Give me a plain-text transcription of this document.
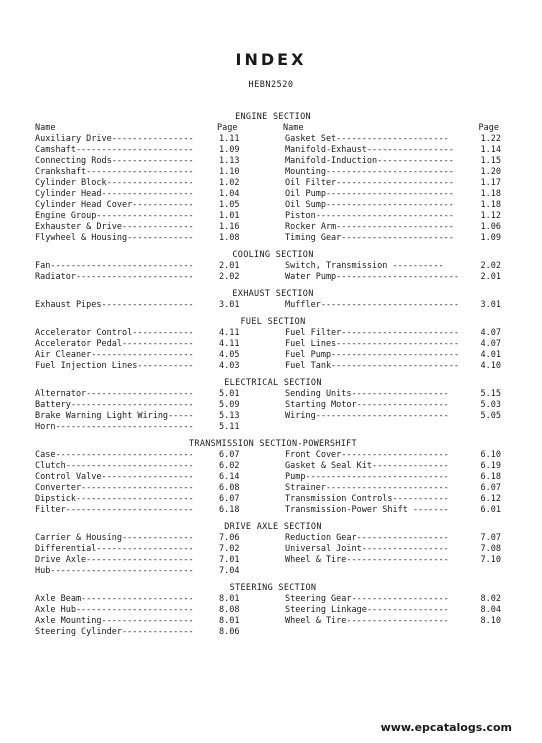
INDEX
HEBN2520
ENGINE SECTION
Name	Page	Name	Page
Auxiliary Drive----------------	1.11	Gasket Set----------------------	1.22
Camshaft-----------------------	1.09	Manifold-Exhaust-----------------	1.14
Connecting Rods----------------	1.13	Manifold-Induction---------------	1.15
Crankshaft---------------------	1.10	Mounting-------------------------	1.20
Cylinder Block-----------------	1.02	Oil Filter-----------------------	1.17
Cylinder Head------------------	1.04	Oil Pump-------------------------	1.18
Cylinder Head Cover------------	1.05	Oil Sump-------------------------	1.18
Engine Group-------------------	1.01	Piston---------------------------	1.12
Exhauster & Drive--------------	1.16	Rocker Arm-----------------------	1.06
Flywheel & Housing-------------	1.08	Timing Gear----------------------	1.09
COOLING SECTION
Fan----------------------------	2.01	Switch, Transmission ----------	2.02
Radiator-----------------------	2.02	Water Pump------------------------	2.01
EXHAUST SECTION
Exhaust Pipes------------------	3.01	Muffler---------------------------	3.01
FUEL SECTION
Accelerator Control------------	4.11	Fuel Filter-----------------------	4.07
Accelerator Pedal--------------	4.11	Fuel Lines------------------------	4.07
Air Cleaner--------------------	4.05	Fuel Pump-------------------------	4.01
Fuel Injection Lines-----------	4.03	Fuel Tank-------------------------	4.10
ELECTRICAL SECTION
Alternator---------------------	5.01	Sending Units-------------------	5.15
Battery------------------------	5.09	Starting Motor------------------	5.03
Brake Warning Light Wiring-----	5.13	Wiring--------------------------	5.05
Horn---------------------------	5.11
TRANSMISSION SECTION-POWERSHIFT
Case---------------------------	6.07	Front Cover---------------------	6.10
Clutch-------------------------	6.02	Gasket & Seal Kit---------------	6.19
Control Valve------------------	6.14	Pump----------------------------	6.18
Converter----------------------	6.08	Strainer------------------------	6.07
Dipstick-----------------------	6.07	Transmission Controls-----------	6.12
Filter-------------------------	6.18	Transmission-Power Shift -------	6.01
DRIVE AXLE SECTION
Carrier & Housing--------------	7.06	Reduction Gear------------------	7.07
Differential-------------------	7.02	Universal Joint-----------------	7.08
Drive Axle---------------------	7.01	Wheel & Tire--------------------	7.10
Hub----------------------------	7.04
STEERING SECTION
Axle Beam----------------------	8.01	Steering Gear-------------------	8.02
Axle Hub-----------------------	8.08	Steering Linkage----------------	8.04
Axle Mounting------------------	8.01	Wheel & Tire--------------------	8.10
Steering Cylinder--------------	8.06
www.epcatalogs.com
